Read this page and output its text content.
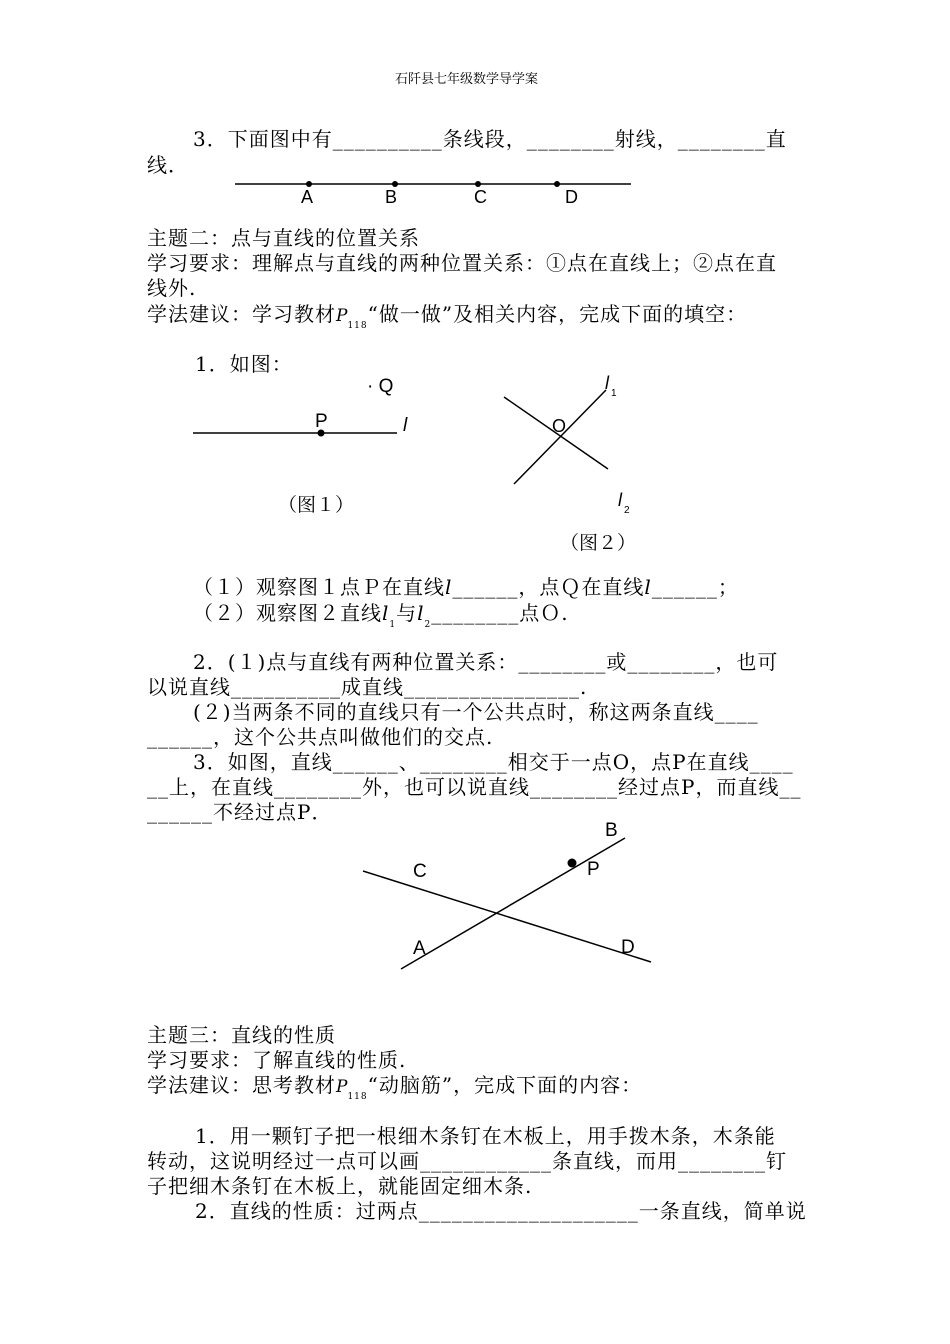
石阡县七年级数学导学案
3．下面图中有__________条线段，________射线，________直
线．
A	B	C	D
主题二：点与直线的位置关系
学习要求：理解点与直线的两种位置关系：①点在直线上；②点在直
线外.
学法建议：学习教材$P_{118}“$做一做”及相关内容，完成下面的填空：
1．如图：
P
· Q
l
（图１）
O
l
1
l
2
（图２）
（１）观察图１点Ｐ在直线l______，点Ｑ在直线l______；
（２）观察图２直线$l_1$与$l_2\_\_\_\_\_\_\_\_$点Ｏ.
2．(１)点与直线有两种位置关系：________或________，也可
以说直线__________成直线________________.
(２)当两条不同的直线只有一个公共点时，称这两条直线____
______，这个公共点叫做他们的交点.
3．如图，直线______、________相交于一点O，点P在直线____
__上，在直线________外，也可以说直线________经过点P，而直线__
______不经过点P．
C
A
B
P
D
主题三：直线的性质
学习要求：了解直线的性质.
学法建议：思考教材$P_{118}“$动脑筋”，完成下面的内容：
1．用一颗钉子把一根细木条钉在木板上，用手拨木条，木条能
转动，这说明经过一点可以画____________条直线，而用________钉
子把细木条钉在木板上，就能固定细木条.
2．直线的性质：过两点____________________一条直线，简单说
